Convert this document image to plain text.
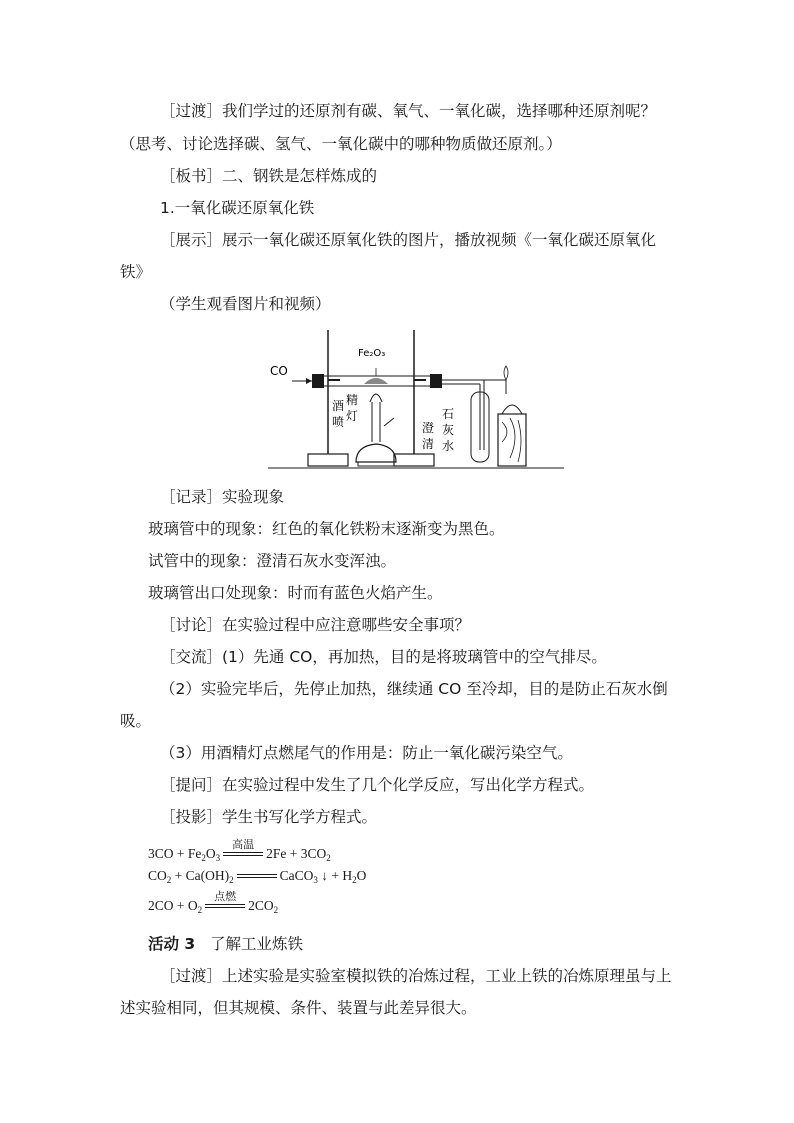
［过渡］我们学过的还原剂有碳、氧气、一氧化碳，选择哪种还原剂呢？
（思考、讨论选择碳、氢气、一氧化碳中的哪种物质做还原剂。）
［板书］二、钢铁是怎样炼成的
1.一氧化碳还原氧化铁
［展示］展示一氧化碳还原氧化铁的图片，播放视频《一氧化碳还原氧化
铁》
（学生观看图片和视频）
CO
Fe₂O₃
酒 精
喷 灯
澄
清
石
灰
水
［记录］实验现象
玻璃管中的现象：红色的氧化铁粉末逐渐变为黑色。
试管中的现象：澄清石灰水变浑浊。
玻璃管出口处现象：时而有蓝色火焰产生。
［讨论］在实验过程中应注意哪些安全事项？
［交流］(1）先通 CO，再加热，目的是将玻璃管中的空气排尽。
（2）实验完毕后，先停止加热，继续通 CO 至冷却，目的是防止石灰水倒
吸。
（3）用酒精灯点燃尾气的作用是：防止一氧化碳污染空气。
［提问］在实验过程中发生了几个化学反应，写出化学方程式。
［投影］学生书写化学方程式。
$3CO + Fe_2O_3$
高温
$2Fe + 3CO_2$
$CO_2 + Ca(OH)_2$	CaCO$_3$ ↓ + $H_2O$
$2CO + O_2$
点燃
$2CO_2$
活动 3 了解工业炼铁
［过渡］上述实验是实验室模拟铁的冶炼过程，工业上铁的冶炼原理虽与上
述实验相同，但其规模、条件、装置与此差异很大。
